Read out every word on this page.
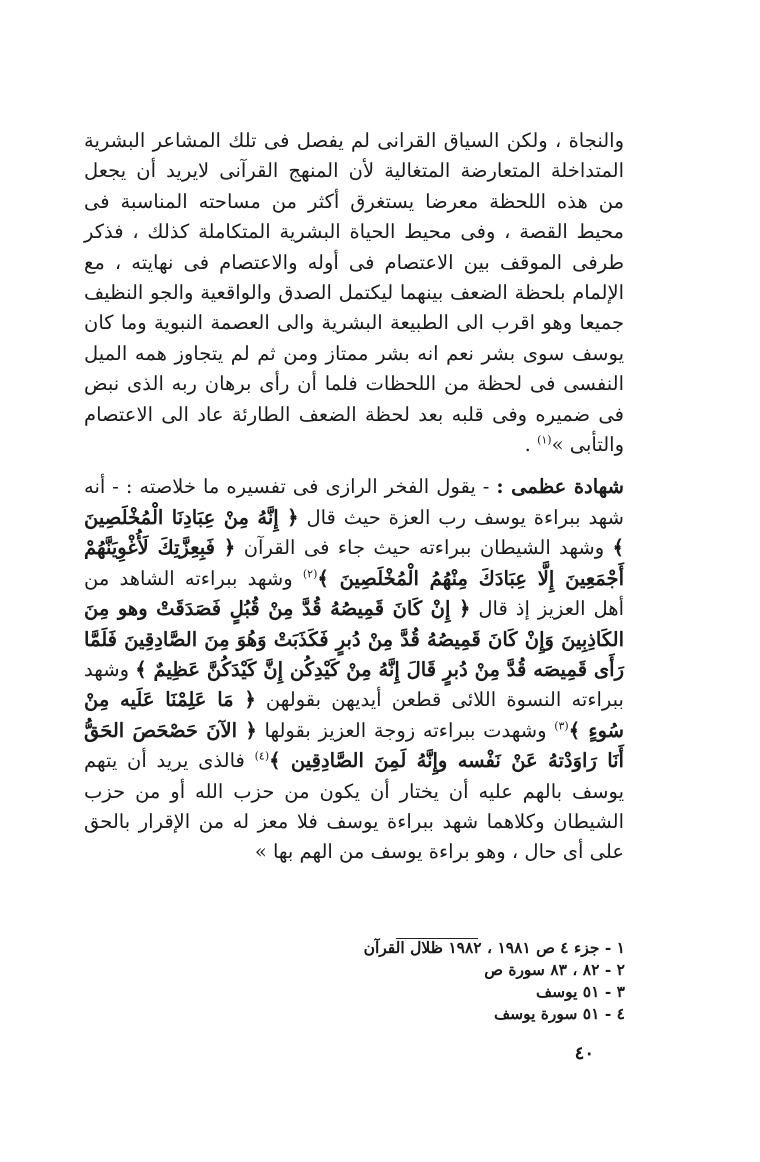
والنجاة ، ولكن السياق القرانى لم يفصل فى تلك المشاعر البشرية المتداخلة المتعارضة المتغالية لأن المنهج القرآنى لايريد أن يجعل من هذه اللحظة معرضا يستغرق أكثر من مساحته المناسبة فى محيط القصة ، وفى محيط الحياة البشرية المتكاملة كذلك ، فذكر طرفى الموقف بين الاعتصام فى أوله والاعتصام فى نهايته ، مع الإلمام بلحظة الضعف بينهما ليكتمل الصدق والواقعية والجو النظيف جميعا وهو اقرب الى الطبيعة البشرية والى العصمة النبوية وما كان يوسف سوى بشر نعم انه بشر ممتاز ومن ثم لم يتجاوز همه الميل النفسى فى لحظة من اللحظات فلما أن رأى برهان ربه الذى نبض فى ضميره وفى قلبه بعد لحظة الضعف الطارئة عاد الى الاعتصام والتأبى »$^{(١)}$ .

شهادة عظمى : - يقول الفخر الرازى فى تفسيره ما خلاصته : - أنه شهد ببراءة يوسف رب العزة حيث قال ﴿ إِنَّهُ مِنْ عِبَادِنَا الْمُخْلَصِينَ ﴾ وشهد الشيطان ببراءته حيث جاء فى القرآن ﴿ فَبِعِزَّتِكَ لَأُغْوِيَنَّهُمْ أَجْمَعِينَ إِلَّا عِبَادَكَ مِنْهُمُ الْمُخْلَصِينَ ﴾$^{(٢)}$ وشهد ببراءته الشاهد من أهل العزيز إذ قال ﴿ إِنْ كَانَ قَمِيصُهُ قُدَّ مِنْ قُبُلٍ فَصَدَقَتْ وهو مِنَ الكَاذِبِينَ وَإِنْ كَانَ قَمِيصُهُ قُدَّ مِنْ دُبرٍ فَكَذَبَتْ وَهُوَ مِنَ الصَّادِقِينَ فَلَمَّا رَأَى قَمِيصَه قُدَّ مِنْ دُبرٍ قَالَ إِنَّهُ مِنْ كَيْدِكُن إِنَّ كَيْدَكُنَّ عَظِيمٌ ﴾ وشهد ببراءته النسوة اللائى قطعن أيديهن بقولهن ﴿ مَا عَلِمْنَا عَلَيه مِنْ سُوءٍ ﴾$^{(٣)}$ وشهدت ببراءته زوجة العزيز بقولها ﴿ الآنَ حَصْحَصَ الحَقُّ أَنَا رَاوَدْتهُ عَنْ نَفْسه وإِنَّهُ لَمِنَ الصَّادِقِين ﴾$^{(٤)}$ فالذى يريد أن يتهم يوسف بالهم عليه أن يختار أن يكون من حزب الله أو من حزب الشيطان وكلاهما شهد ببراءة يوسف فلا معز له من الإقرار بالحق على أى حال ، وهو براءة يوسف من الهم بها »

١ - جزء ٤ ص ١٩٨١ ، ١٩٨٢ ظلال القرآن
٢ - ٨٢ ، ٨٣ سورة ص
٣ - ٥١ يوسف
٤ - ٥١ سورة يوسف
٤٠
